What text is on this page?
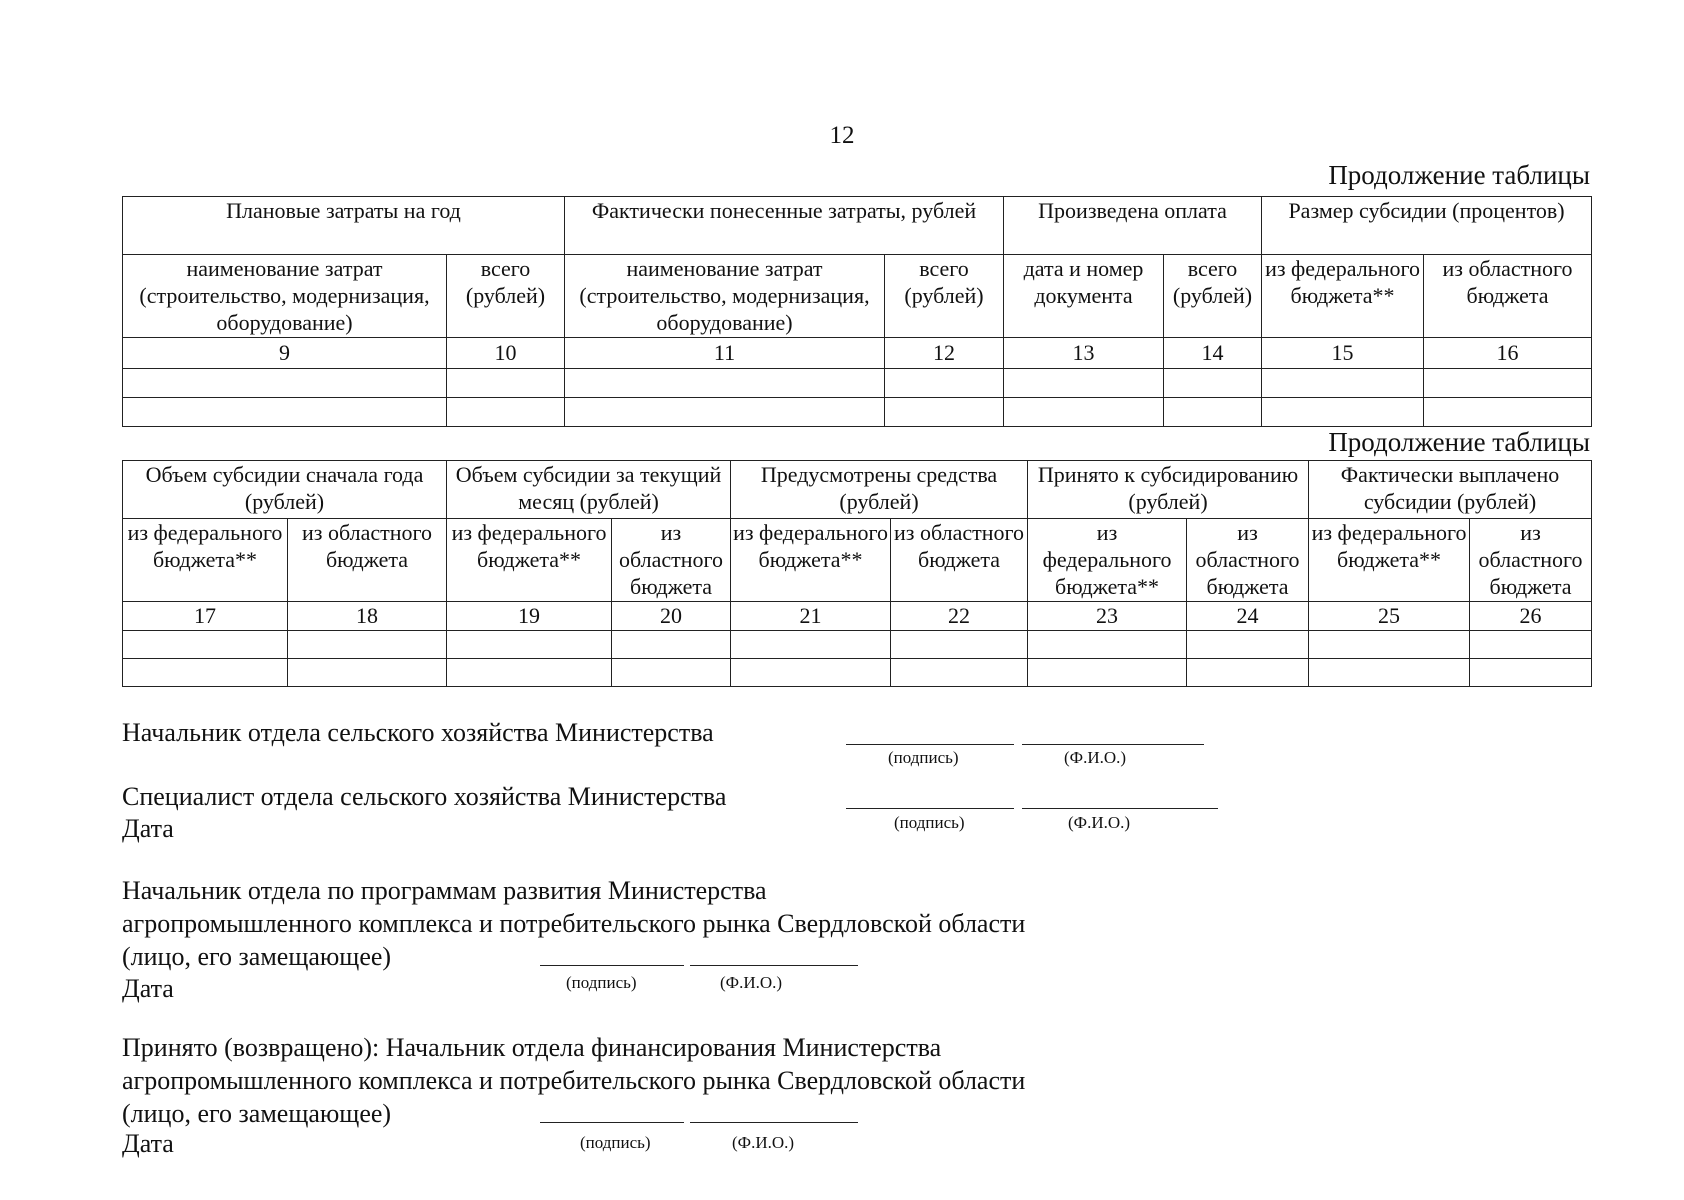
12
Продолжение таблицы
Плановые затраты на год		Фактически понесенные затраты, рублей		Произведена оплата		Размер субсидии (процентов)	
наименование затрат (строительство, модернизация, оборудование)	всего (рублей)	наименование затрат (строительство, модернизация, оборудование)	всего (рублей)	дата и номер документа	всего (рублей)	из федерального бюджета**	из областного бюджета
9	10	11	12	13	14	15	16

Продолжение таблицы
Объем субсидии сначала года (рублей)		Объем субсидии за текущий месяц (рублей)		Предусмотрены средства (рублей)		Принято к субсидированию (рублей)		Фактически выплачено субсидии (рублей)	
из федерального бюджета**	из областного бюджета	из федерального бюджета**	из областного бюджета	из федерального бюджета**	из областного бюджета	из федерального бюджета**	из областного бюджета	из федерального бюджета**	из областного бюджета
17	18	19	20	21	22	23	24	25	26

Начальник отдела сельского хозяйства Министерства
(подпись)	(Ф.И.О.)
Специалист отдела сельского хозяйства Министерства
Дата	(подпись)	(Ф.И.О.)
Начальник отдела по программам развития Министерства
агропромышленного комплекса и потребительского рынка Свердловской области
(лицо, его замещающее)
Дата	(подпись)	(Ф.И.О.)
Принято (возвращено): Начальник отдела финансирования Министерства
агропромышленного комплекса и потребительского рынка Свердловской области
(лицо, его замещающее)
Дата	(подпись)	(Ф.И.О.)
